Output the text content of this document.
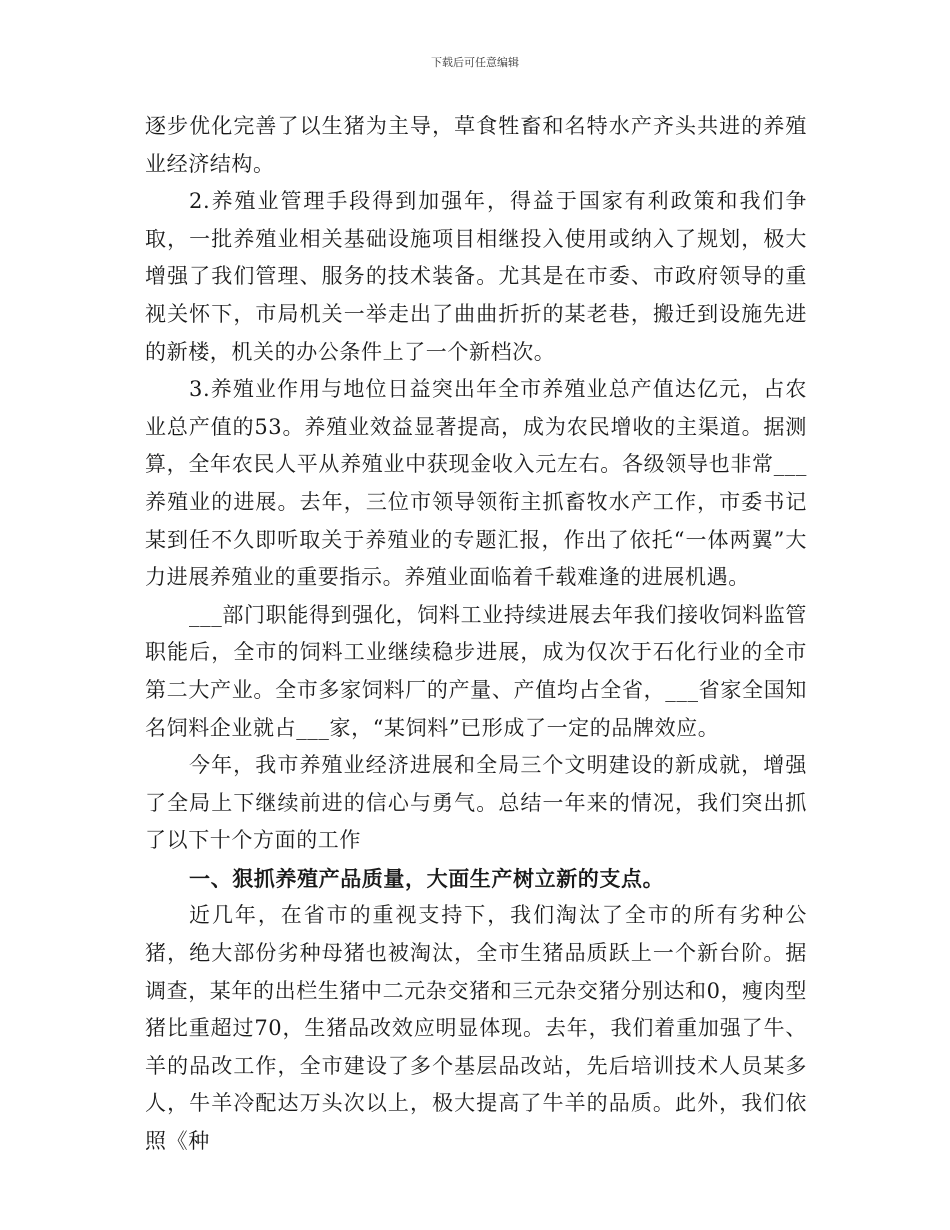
下载后可任意编辑

逐步优化完善了以生猪为主导，草食牲畜和名特水产齐头共进的养殖业经济结构。

2.养殖业管理手段得到加强年，得益于国家有利政策和我们争取，一批养殖业相关基础设施项目相继投入使用或纳入了规划，极大增强了我们管理、服务的技术装备。尤其是在市委、市政府领导的重视关怀下，市局机关一举走出了曲曲折折的某老巷，搬迁到设施先进的新楼，机关的办公条件上了一个新档次。

3.养殖业作用与地位日益突出年全市养殖业总产值达亿元，占农业总产值的53。养殖业效益显著提高，成为农民增收的主渠道。据测算，全年农民人平从养殖业中获现金收入元左右。各级领导也非常___养殖业的进展。去年，三位市领导领衔主抓畜牧水产工作，市委书记某到任不久即听取关于养殖业的专题汇报，作出了依托“一体两翼”大力进展养殖业的重要指示。养殖业面临着千载难逢的进展机遇。

___部门职能得到强化，饲料工业持续进展去年我们接收饲料监管职能后，全市的饲料工业继续稳步进展，成为仅次于石化行业的全市第二大产业。全市多家饲料厂的产量、产值均占全省，___省家全国知名饲料企业就占___家，“某饲料”已形成了一定的品牌效应。

今年，我市养殖业经济进展和全局三个文明建设的新成就，增强了全局上下继续前进的信心与勇气。总结一年来的情况，我们突出抓了以下十个方面的工作

一、狠抓养殖产品质量，大面生产树立新的支点。

近几年，在省市的重视支持下，我们淘汰了全市的所有劣种公猪，绝大部份劣种母猪也被淘汰，全市生猪品质跃上一个新台阶。据调查，某年的出栏生猪中二元杂交猪和三元杂交猪分别达和0，瘦肉型猪比重超过70，生猪品改效应明显体现。去年，我们着重加强了牛、羊的品改工作，全市建设了多个基层品改站，先后培训技术人员某多人，牛羊冷配达万头次以上，极大提高了牛羊的品质。此外，我们依照《种
